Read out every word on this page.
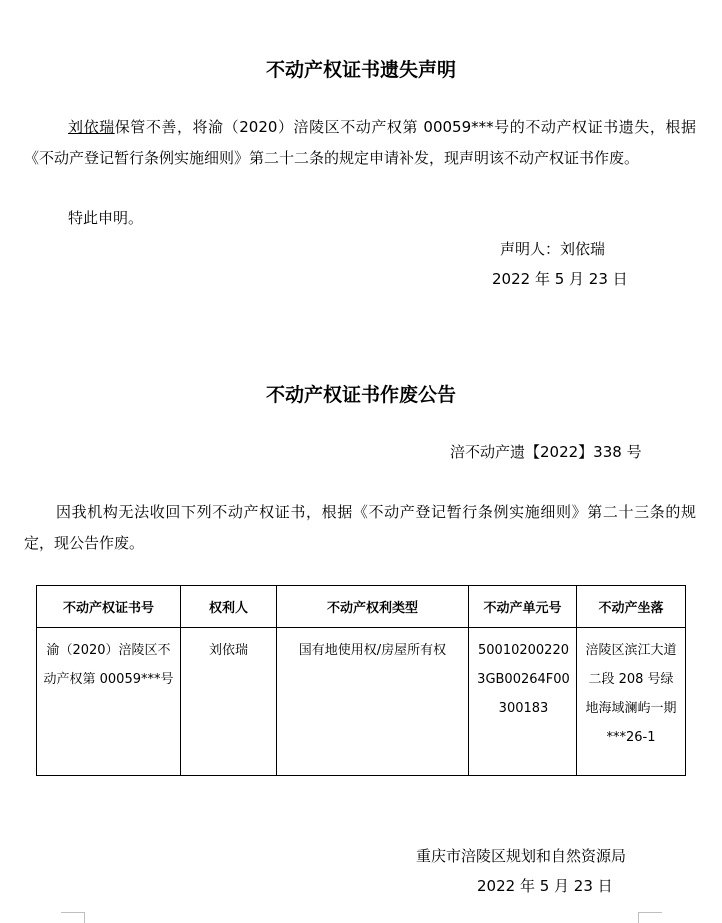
不动产权证书遗失声明
刘依瑞保管不善，将渝（2020）涪陵区不动产权第 00059***号的不动产权证书遗失，根据《不动产登记暂行条例实施细则》第二十二条的规定申请补发，现声明该不动产权证书作废。
特此申明。
声明人：刘依瑞
2022 年 5 月 23 日
不动产权证书作废公告
涪不动产遗【2022】338 号
因我机构无法收回下列不动产权证书，根据《不动产登记暂行条例实施细则》第二十三条的规定，现公告作废。
不动产权证书号	权利人	不动产权利类型	不动产单元号	不动产坐落
渝（2020）涪陵区不动产权第 00059***号	刘依瑞	国有地使用权/房屋所有权	500102002203GB00264F00300183	涪陵区滨江大道二段 208 号绿地海域澜屿一期***26-1
重庆市涪陵区规划和自然资源局
2022 年 5 月 23 日
